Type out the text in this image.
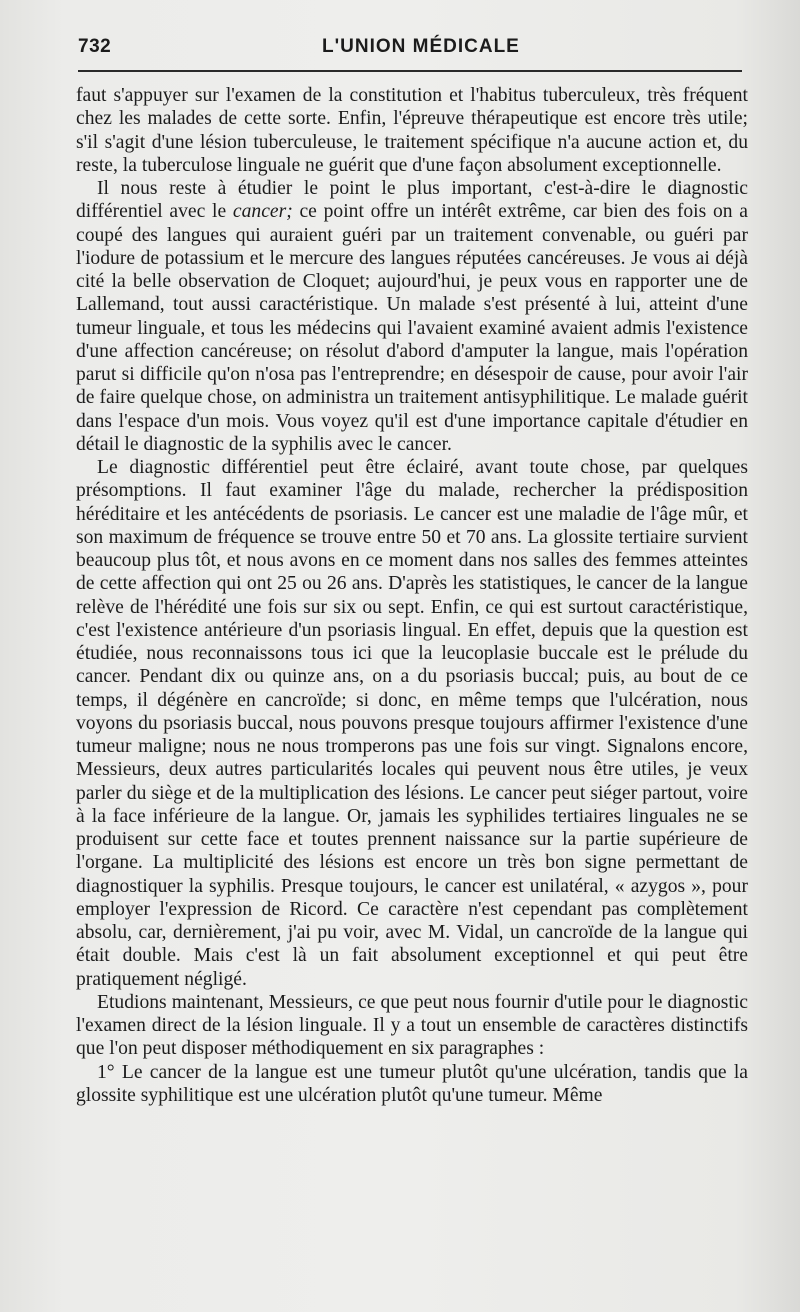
732	L'UNION MÉDICALE

faut s'appuyer sur l'examen de la constitution et l'habitus tuberculeux, très fréquent chez les malades de cette sorte. Enfin, l'épreuve thérapeutique est encore très utile; s'il s'agit d'une lésion tuberculeuse, le traitement spécifique n'a aucune action et, du reste, la tuberculose linguale ne guérit que d'une façon absolument exceptionnelle.

Il nous reste à étudier le point le plus important, c'est-à-dire le diagnostic différentiel avec le cancer; ce point offre un intérêt extrême, car bien des fois on a coupé des langues qui auraient guéri par un traitement convenable, ou guéri par l'iodure de potassium et le mercure des langues réputées cancéreuses. Je vous ai déjà cité la belle observation de Cloquet; aujourd'hui, je peux vous en rapporter une de Lallemand, tout aussi caractéristique. Un malade s'est présenté à lui, atteint d'une tumeur linguale, et tous les médecins qui l'avaient examiné avaient admis l'existence d'une affection cancéreuse; on résolut d'abord d'amputer la langue, mais l'opération parut si difficile qu'on n'osa pas l'entreprendre; en désespoir de cause, pour avoir l'air de faire quelque chose, on administra un traitement antisyphilitique. Le malade guérit dans l'espace d'un mois. Vous voyez qu'il est d'une importance capitale d'étudier en détail le diagnostic de la syphilis avec le cancer.

Le diagnostic différentiel peut être éclairé, avant toute chose, par quelques présomptions. Il faut examiner l'âge du malade, rechercher la prédisposition héréditaire et les antécédents de psoriasis. Le cancer est une maladie de l'âge mûr, et son maximum de fréquence se trouve entre 50 et 70 ans. La glossite tertiaire survient beaucoup plus tôt, et nous avons en ce moment dans nos salles des femmes atteintes de cette affection qui ont 25 ou 26 ans. D'après les statistiques, le cancer de la langue relève de l'hérédité une fois sur six ou sept. Enfin, ce qui est surtout caractéristique, c'est l'existence antérieure d'un psoriasis lingual. En effet, depuis que la question est étudiée, nous reconnaissons tous ici que la leucoplasie buccale est le prélude du cancer. Pendant dix ou quinze ans, on a du psoriasis buccal; puis, au bout de ce temps, il dégénère en cancroïde; si donc, en même temps que l'ulcération, nous voyons du psoriasis buccal, nous pouvons presque toujours affirmer l'existence d'une tumeur maligne; nous ne nous tromperons pas une fois sur vingt. Signalons encore, Messieurs, deux autres particularités locales qui peuvent nous être utiles, je veux parler du siège et de la multiplication des lésions. Le cancer peut siéger partout, voire à la face inférieure de la langue. Or, jamais les syphilides tertiaires linguales ne se produisent sur cette face et toutes prennent naissance sur la partie supérieure de l'organe. La multiplicité des lésions est encore un très bon signe permettant de diagnostiquer la syphilis. Presque toujours, le cancer est unilatéral, « azygos », pour employer l'expression de Ricord. Ce caractère n'est cependant pas complètement absolu, car, dernièrement, j'ai pu voir, avec M. Vidal, un cancroïde de la langue qui était double. Mais c'est là un fait absolument exceptionnel et qui peut être pratiquement négligé.

Etudions maintenant, Messieurs, ce que peut nous fournir d'utile pour le diagnostic l'examen direct de la lésion linguale. Il y a tout un ensemble de caractères distinctifs que l'on peut disposer méthodiquement en six paragraphes :

1° Le cancer de la langue est une tumeur plutôt qu'une ulcération, tandis que la glossite syphilitique est une ulcération plutôt qu'une tumeur. Même
